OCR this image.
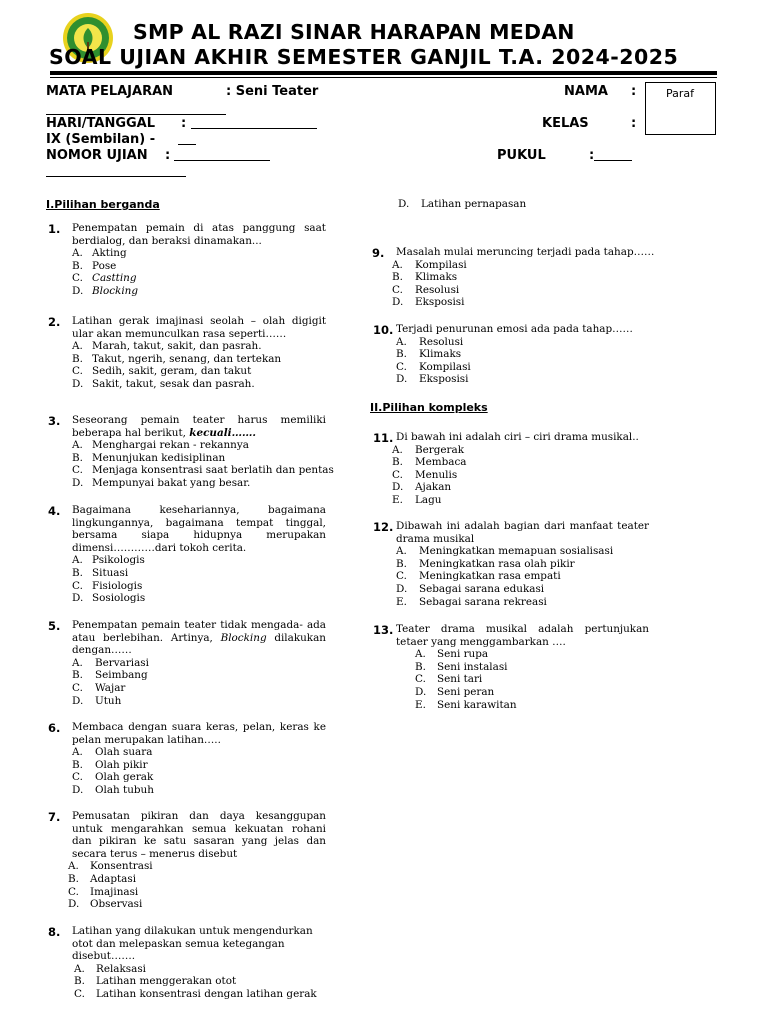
SMP AL RAZI SINAR HARAPAN MEDAN
SOAL UJIAN AKHIR SEMESTER GANJIL T.A. 2024-2025
MATA PELAJARAN	: Seni Teater
HARI/TANGGAL :
IX (Sembilan) -
NOMOR UJIAN :
NAMA :
KELAS	:
PUKUL	:
Paraf
I.Pilihan berganda
1. Penempatan pemain di atas panggung saat berdialog, dan beraksi dinamakan...
A. Akting
B. Pose
C. Castting
D. Blocking
2. Latihan gerak imajinasi seolah – olah digigit ular akan memunculkan rasa seperti……
A. Marah, takut, sakit, dan pasrah.
B. Takut, ngerih, senang, dan tertekan
C. Sedih, sakit, geram, dan takut
D. Sakit, takut, sesak dan pasrah.
3. Seseorang pemain teater harus memiliki beberapa hal berikut, kecuali…….
A. Menghargai rekan - rekannya
B. Menunjukan kedisiplinan
C. Menjaga konsentrasi saat berlatih dan pentas
D. Mempunyai bakat yang besar.
4. Bagaimana kesehariannya, bagaimana lingkungannya, bagaimana tempat tinggal, bersama siapa hidupnya merupakan dimensi…………dari tokoh cerita.
A. Psikologis
B. Situasi
C. Fisiologis
D. Sosiologis
5. Penempatan pemain teater tidak mengada- ada atau berlebihan. Artinya, Blocking dilakukan dengan……
A. Bervariasi
B. Seimbang
C. Wajar
D. Utuh
6. Membaca dengan suara keras, pelan, keras ke pelan merupakan latihan…..
A. Olah suara
B. Olah pikir
C. Olah gerak
D. Olah tubuh
7. Pemusatan pikiran dan daya kesanggupan untuk mengarahkan semua kekuatan rohani dan pikiran ke satu sasaran yang jelas dan secara terus – menerus disebut
A. Konsentrasi
B. Adaptasi
C. Imajinasi
D. Observasi
8. Latihan yang dilakukan untuk mengendurkan otot dan melepaskan semua ketegangan disebut…….
A. Relaksasi
B. Latihan menggerakan otot
C. Latihan konsentrasi dengan latihan gerak
D. Latihan pernapasan
9. Masalah mulai meruncing terjadi pada tahap……
A. Kompilasi
B. Klimaks
C. Resolusi
D. Eksposisi
10. Terjadi penurunan emosi ada pada tahap……
A. Resolusi
B. Klimaks
C. Kompilasi
D. Eksposisi
II.Pilihan kompleks
11. Di bawah ini adalah ciri – ciri drama musikal..
A. Bergerak
B. Membaca
C. Menulis
D. Ajakan
E. Lagu
12. Dibawah ini adalah bagian dari manfaat teater drama musikal
A. Meningkatkan memapuan sosialisasi
B. Meningkatkan rasa olah pikir
C. Meningkatkan rasa empati
D. Sebagai sarana edukasi
E. Sebagai sarana rekreasi
13. Teater drama musikal adalah pertunjukan tetaer yang menggambarkan ….
A. Seni rupa
B. Seni instalasi
C. Seni tari
D. Seni peran
E. Seni karawitan
